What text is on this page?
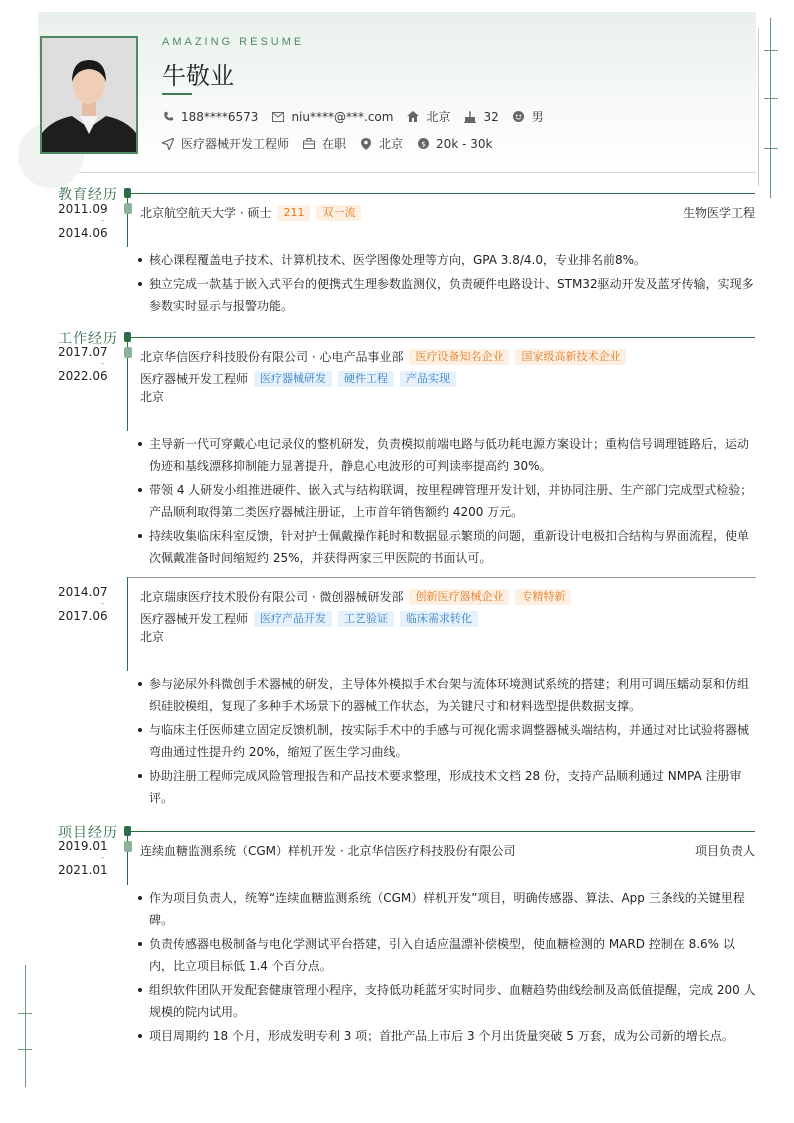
AMAZING RESUME
牛敬业
188****6573	niu****@***.com	北京	32	男
医疗器械开发工程师	在职	北京 $ 20k - 30k
教育经历
2011.09
-
2014.06
北京航空航天大学 · 硕士	211	双一流	生物医学工程
核心课程覆盖电子技术、计算机技术、医学图像处理等方向，GPA 3.8/4.0，专业排名前8%。
独立完成一款基于嵌入式平台的便携式生理参数监测仪，负责硬件电路设计、STM32驱动开发及蓝牙传输，实现多参数实时显示与报警功能。
工作经历
2017.07
-
2022.06
北京华信医疗科技股份有限公司 · 心电产品事业部	医疗设备知名企业	国家级高新技术企业
医疗器械开发工程师	医疗器械研发	硬件工程	产品实现
北京
主导新一代可穿戴心电记录仪的整机研发，负责模拟前端电路与低功耗电源方案设计；重构信号调理链路后，运动伪迹和基线漂移抑制能力显著提升，静息心电波形的可判读率提高约 30%。
带领 4 人研发小组推进硬件、嵌入式与结构联调，按里程碑管理开发计划，并协同注册、生产部门完成型式检验；产品顺利取得第二类医疗器械注册证，上市首年销售额约 4200 万元。
持续收集临床科室反馈，针对护士佩戴操作耗时和数据显示繁琐的问题，重新设计电极扣合结构与界面流程，使单次佩戴准备时间缩短约 25%，并获得两家三甲医院的书面认可。
2014.07
-
2017.06
北京瑞康医疗技术股份有限公司 · 微创器械研发部	创新医疗器械企业	专精特新
医疗器械开发工程师	医疗产品开发	工艺验证	临床需求转化
北京
参与泌尿外科微创手术器械的研发，主导体外模拟手术台架与流体环境测试系统的搭建；利用可调压蠕动泵和仿组织硅胶模组，复现了多种手术场景下的器械工作状态，为关键尺寸和材料选型提供数据支撑。
与临床主任医师建立固定反馈机制，按实际手术中的手感与可视化需求调整器械头端结构，并通过对比试验将器械弯曲通过性提升约 20%，缩短了医生学习曲线。
协助注册工程师完成风险管理报告和产品技术要求整理，形成技术文档 28 份，支持产品顺利通过 NMPA 注册审评。
项目经历
2019.01
-
2021.01
连续血糖监测系统（CGM）样机开发 · 北京华信医疗科技股份有限公司	项目负责人
作为项目负责人，统筹“连续血糖监测系统（CGM）样机开发”项目，明确传感器、算法、App 三条线的关键里程碑。
负责传感器电极制备与电化学测试平台搭建，引入自适应温漂补偿模型，使血糖检测的 MARD 控制在 8.6% 以内，比立项目标低 1.4 个百分点。
组织软件团队开发配套健康管理小程序，支持低功耗蓝牙实时同步、血糖趋势曲线绘制及高低值提醒，完成 200 人规模的院内试用。
项目周期约 18 个月，形成发明专利 3 项；首批产品上市后 3 个月出货量突破 5 万套，成为公司新的增长点。
